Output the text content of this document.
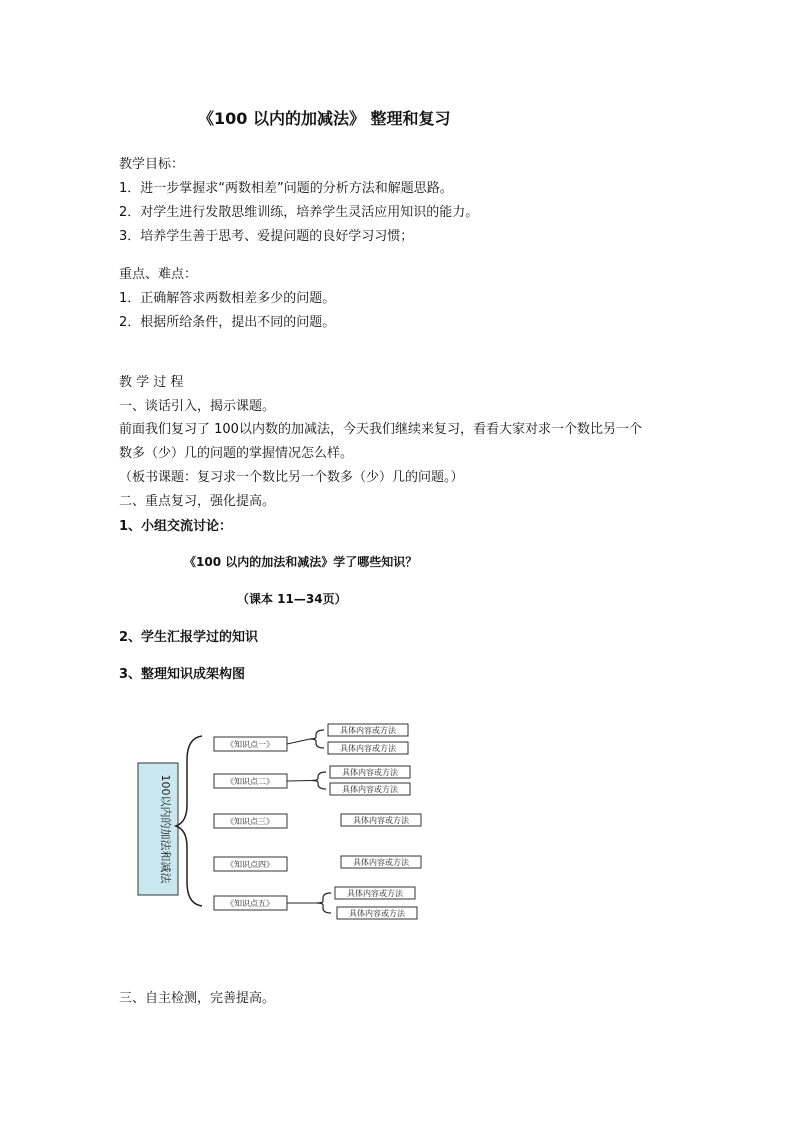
《100 以内的加减法》 整理和复习
教学目标：
1．进一步掌握求“两数相差”问题的分析方法和解题思路。
2．对学生进行发散思维训练，培养学生灵活应用知识的能力。
3．培养学生善于思考、爱提问题的良好学习习惯；
重点、难点：
1．正确解答求两数相差多少的问题。
2．根据所给条件，提出不同的问题。
教 学 过 程
一、谈话引入，揭示课题。
前面我们复习了 100以内数的加减法，今天我们继续来复习，看看大家对求一个数比另一个
数多（少）几的问题的掌握情况怎么样。
（板书课题：复习求一个数比另一个数多（少）几的问题。）
二、重点复习，强化提高。
1、小组交流讨论：
《100 以内的加法和减法》学了哪些知识？
（课本 11—34页）
2、学生汇报学过的知识
3、整理知识成架构图
100以内的加法和减法
《知识点一》
具体内容或方法
具体内容或方法
《知识点二》
具体内容或方法
具体内容或方法
《知识点三》	具体内容或方法
《知识点四》	具体内容或方法
《知识点五》
具体内容或方法
具体内容或方法
三、自主检测，完善提高。
